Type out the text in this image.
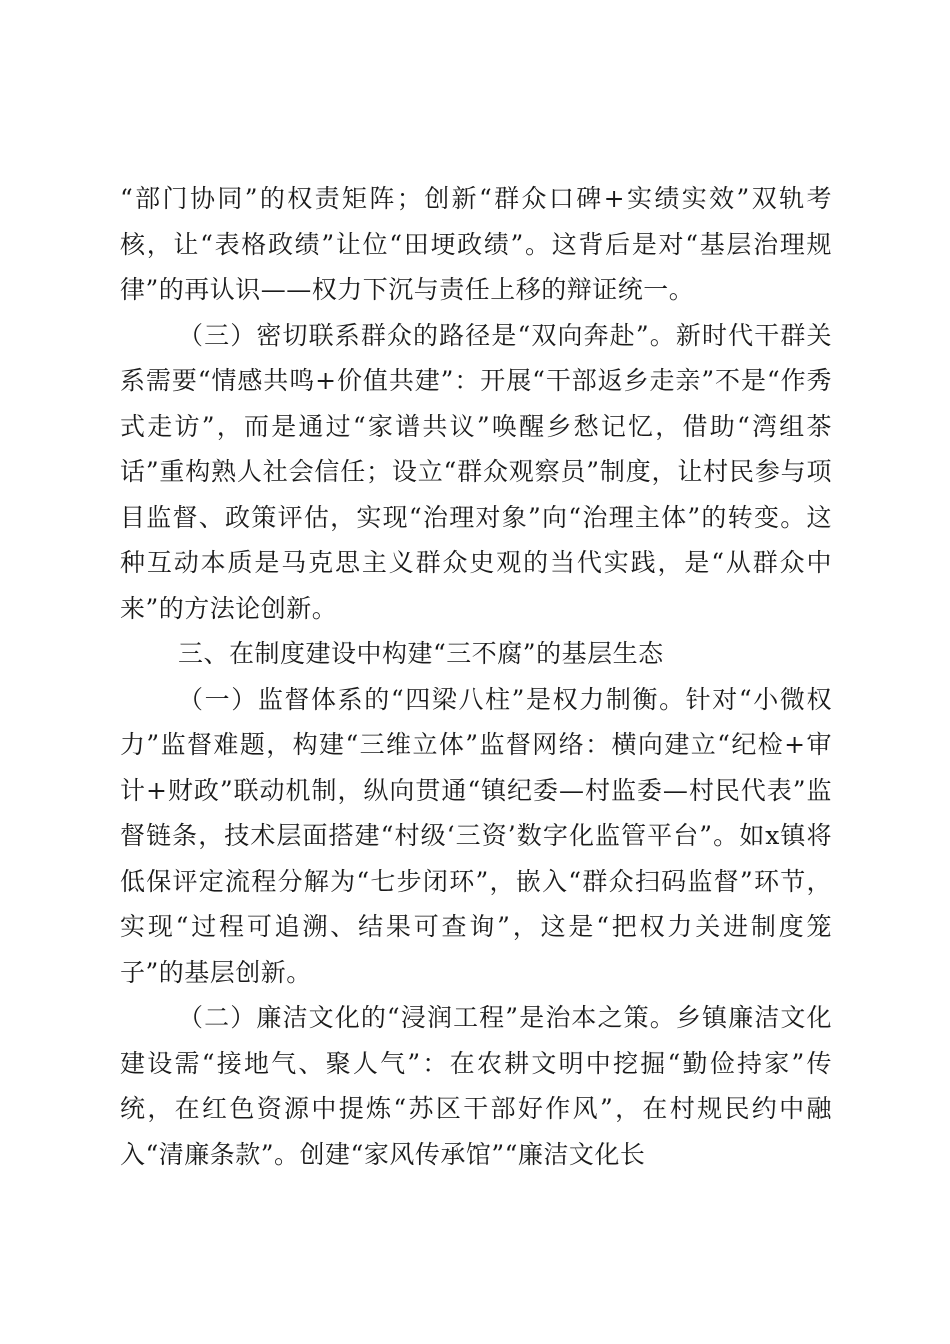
“部门协同”的权责矩阵；创新“群众口碑+实绩实效”双轨考核，让“表格政绩”让位“田埂政绩”。这背后是对“基层治理规律”的再认识——权力下沉与责任上移的辩证统一。

（三）密切联系群众的路径是“双向奔赴”。新时代干群关系需要“情感共鸣+价值共建”：开展“干部返乡走亲”不是“作秀式走访”，而是通过“家谱共议”唤醒乡愁记忆，借助“湾组茶话”重构熟人社会信任；设立“群众观察员”制度，让村民参与项目监督、政策评估，实现“治理对象”向“治理主体”的转变。这种互动本质是马克思主义群众史观的当代实践，是“从群众中来”的方法论创新。

三、在制度建设中构建“三不腐”的基层生态

（一）监督体系的“四梁八柱”是权力制衡。针对“小微权力”监督难题，构建“三维立体”监督网络：横向建立“纪检+审计+财政”联动机制，纵向贯通“镇纪委—村监委—村民代表”监督链条，技术层面搭建“村级‘三资’数字化监管平台”。如x镇将低保评定流程分解为“七步闭环”，嵌入“群众扫码监督”环节，实现“过程可追溯、结果可查询”，这是“把权力关进制度笼子”的基层创新。

（二）廉洁文化的“浸润工程”是治本之策。乡镇廉洁文化建设需“接地气、聚人气”：在农耕文明中挖掘“勤俭持家”传统，在红色资源中提炼“苏区干部好作风”，在村规民约中融入“清廉条款”。创建“家风传承馆”“廉洁文化长
